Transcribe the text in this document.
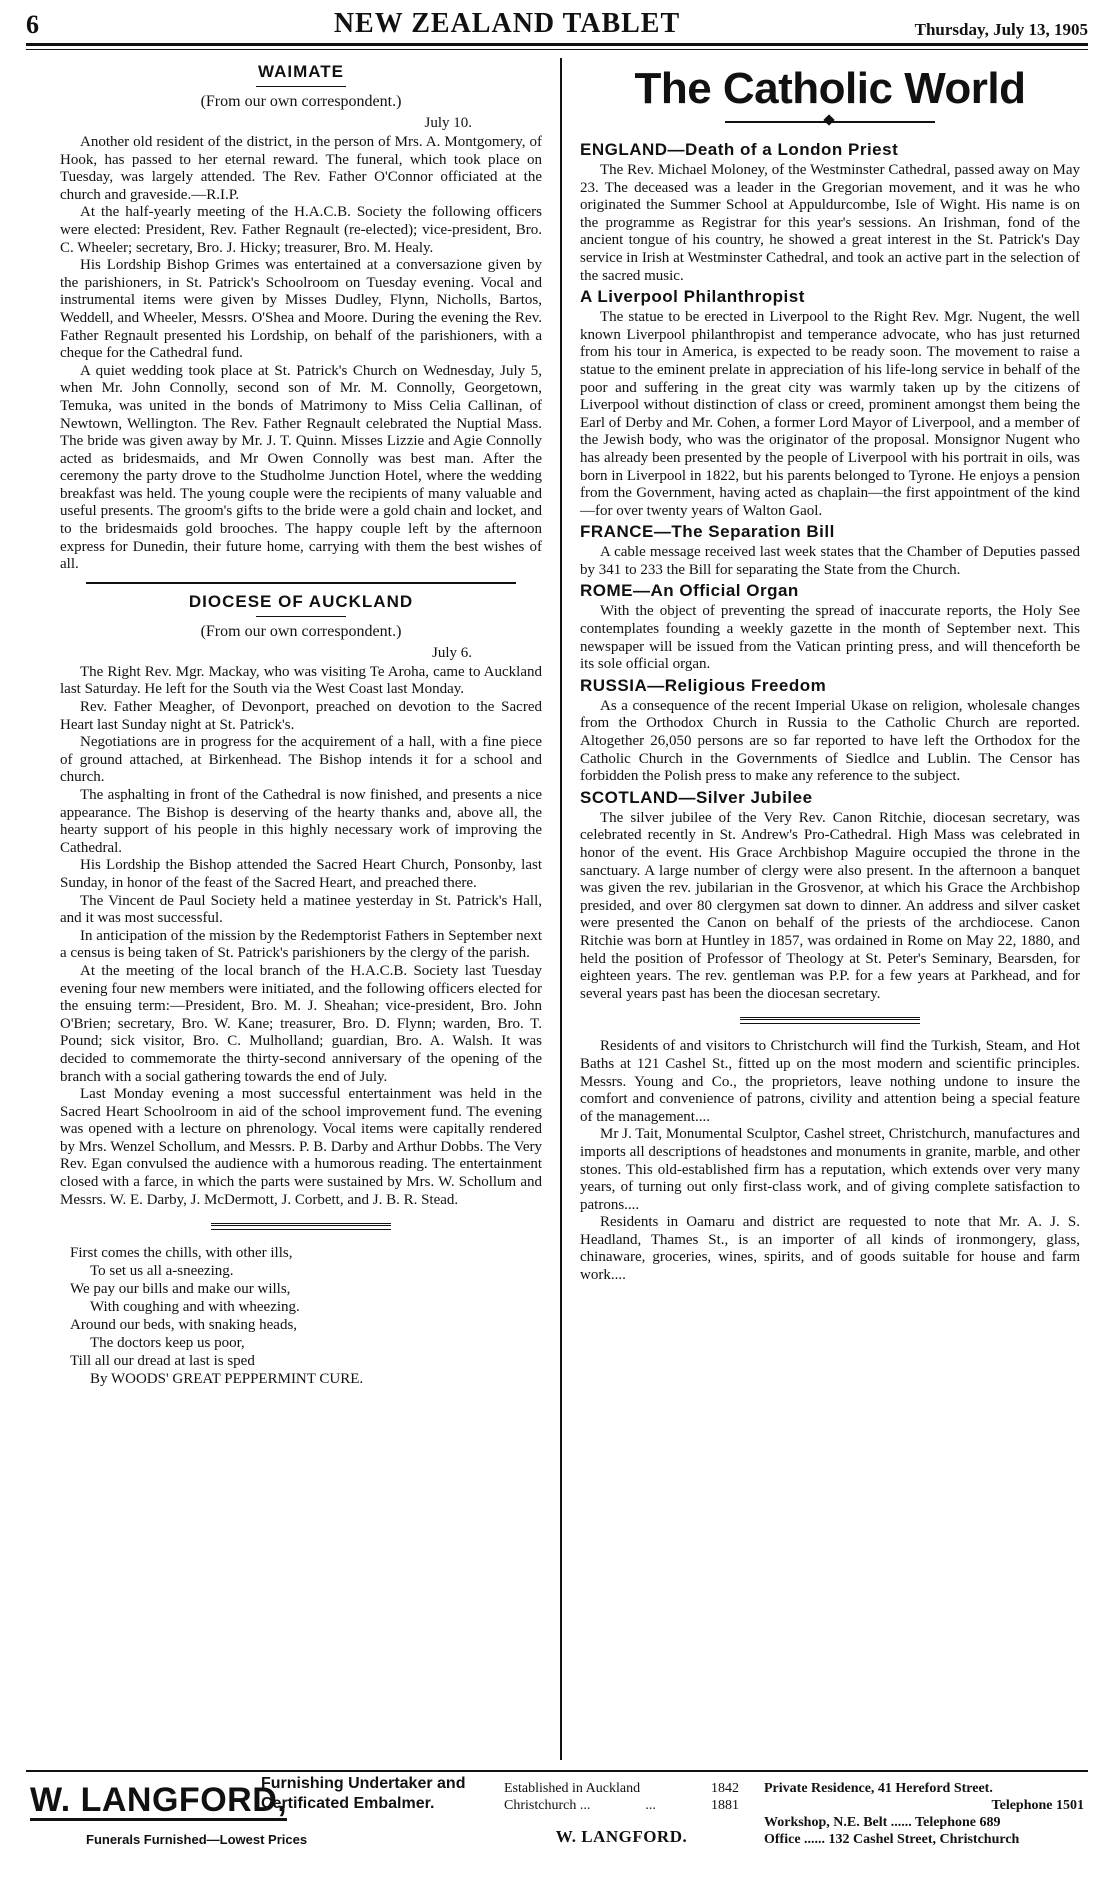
6	NEW ZEALAND TABLET	Thursday, July 13, 1905
WAIMATE
(From our own correspondent.)
July 10.

Another old resident of the district, in the person of Mrs. A. Montgomery, of Hook, has passed to her eternal reward. The funeral, which took place on Tuesday, was largely attended. The Rev. Father O'Connor officiated at the church and graveside.—R.I.P.

At the half-yearly meeting of the H.A.C.B. Society the following officers were elected: President, Rev. Father Regnault (re-elected); vice-president, Bro. C. Wheeler; secretary, Bro. J. Hicky; treasurer, Bro. M. Healy.

His Lordship Bishop Grimes was entertained at a conversazione given by the parishioners, in St. Patrick's Schoolroom on Tuesday evening. Vocal and instrumental items were given by Misses Dudley, Flynn, Nicholls, Bartos, Weddell, and Wheeler, Messrs. O'Shea and Moore. During the evening the Rev. Father Regnault presented his Lordship, on behalf of the parishioners, with a cheque for the Cathedral fund.

A quiet wedding took place at St. Patrick's Church on Wednesday, July 5, when Mr. John Connolly, second son of Mr. M. Connolly, Georgetown, Temuka, was united in the bonds of Matrimony to Miss Celia Callinan, of Newtown, Wellington. The Rev. Father Regnault celebrated the Nuptial Mass. The bride was given away by Mr. J. T. Quinn. Misses Lizzie and Agie Connolly acted as bridesmaids, and Mr Owen Connolly was best man. After the ceremony the party drove to the Studholme Junction Hotel, where the wedding breakfast was held. The young couple were the recipients of many valuable and useful presents. The groom's gifts to the bride were a gold chain and locket, and to the bridesmaids gold brooches. The happy couple left by the afternoon express for Dunedin, their future home, carrying with them the best wishes of all.

DIOCESE OF AUCKLAND
(From our own correspondent.)
July 6.

The Right Rev. Mgr. Mackay, who was visiting Te Aroha, came to Auckland last Saturday. He left for the South via the West Coast last Monday.

Rev. Father Meagher, of Devonport, preached on devotion to the Sacred Heart last Sunday night at St. Patrick's.

Negotiations are in progress for the acquirement of a hall, with a fine piece of ground attached, at Birkenhead. The Bishop intends it for a school and church.

The asphalting in front of the Cathedral is now finished, and presents a nice appearance. The Bishop is deserving of the hearty thanks and, above all, the hearty support of his people in this highly necessary work of improving the Cathedral.

His Lordship the Bishop attended the Sacred Heart Church, Ponsonby, last Sunday, in honor of the feast of the Sacred Heart, and preached there.

The Vincent de Paul Society held a matinee yesterday in St. Patrick's Hall, and it was most successful.

In anticipation of the mission by the Redemptorist Fathers in September next a census is being taken of St. Patrick's parishioners by the clergy of the parish.

At the meeting of the local branch of the H.A.C.B. Society last Tuesday evening four new members were initiated, and the following officers elected for the ensuing term:—President, Bro. M. J. Sheahan; vice-president, Bro. John O'Brien; secretary, Bro. W. Kane; treasurer, Bro. D. Flynn; warden, Bro. T. Pound; sick visitor, Bro. C. Mulholland; guardian, Bro. A. Walsh. It was decided to commemorate the thirty-second anniversary of the opening of the branch with a social gathering towards the end of July.

Last Monday evening a most successful entertainment was held in the Sacred Heart Schoolroom in aid of the school improvement fund. The evening was opened with a lecture on phrenology. Vocal items were capitally rendered by Mrs. Wenzel Schollum, and Messrs. P. B. Darby and Arthur Dobbs. The Very Rev. Egan convulsed the audience with a humorous reading. The entertainment closed with a farce, in which the parts were sustained by Mrs. W. Schollum and Messrs. W. E. Darby, J. McDermott, J. Corbett, and J. B. R. Stead.

First comes the chills, with other ills,
To set us all a-sneezing.
We pay our bills and make our wills,
With coughing and with wheezing.
Around our beds, with snaking heads,
The doctors keep us poor,
Till all our dread at last is sped
By WOODS' GREAT PEPPERMINT CURE.
The Catholic World
ENGLAND—Death of a London Priest

The Rev. Michael Moloney, of the Westminster Cathedral, passed away on May 23. The deceased was a leader in the Gregorian movement, and it was he who originated the Summer School at Appuldurcombe, Isle of Wight. His name is on the programme as Registrar for this year's sessions. An Irishman, fond of the ancient tongue of his country, he showed a great interest in the St. Patrick's Day service in Irish at Westminster Cathedral, and took an active part in the selection of the sacred music.

A Liverpool Philanthropist

The statue to be erected in Liverpool to the Right Rev. Mgr. Nugent, the well known Liverpool philanthropist and temperance advocate, who has just returned from his tour in America, is expected to be ready soon. The movement to raise a statue to the eminent prelate in appreciation of his life-long service in behalf of the poor and suffering in the great city was warmly taken up by the citizens of Liverpool without distinction of class or creed, prominent amongst them being the Earl of Derby and Mr. Cohen, a former Lord Mayor of Liverpool, and a member of the Jewish body, who was the originator of the proposal. Monsignor Nugent who has already been presented by the people of Liverpool with his portrait in oils, was born in Liverpool in 1822, but his parents belonged to Tyrone. He enjoys a pension from the Government, having acted as chaplain—the first appointment of the kind—for over twenty years of Walton Gaol.

FRANCE—The Separation Bill

A cable message received last week states that the Chamber of Deputies passed by 341 to 233 the Bill for separating the State from the Church.

ROME—An Official Organ

With the object of preventing the spread of inaccurate reports, the Holy See contemplates founding a weekly gazette in the month of September next. This newspaper will be issued from the Vatican printing press, and will thenceforth be its sole official organ.

RUSSIA—Religious Freedom

As a consequence of the recent Imperial Ukase on religion, wholesale changes from the Orthodox Church in Russia to the Catholic Church are reported. Altogether 26,050 persons are so far reported to have left the Orthodox for the Catholic Church in the Governments of Siedlce and Lublin. The Censor has forbidden the Polish press to make any reference to the subject.

SCOTLAND—Silver Jubilee

The silver jubilee of the Very Rev. Canon Ritchie, diocesan secretary, was celebrated recently in St. Andrew's Pro-Cathedral. High Mass was celebrated in honor of the event. His Grace Archbishop Maguire occupied the throne in the sanctuary. A large number of clergy were also present. In the afternoon a banquet was given the rev. jubilarian in the Grosvenor, at which his Grace the Archbishop presided, and over 80 clergymen sat down to dinner. An address and silver casket were presented the Canon on behalf of the priests of the archdiocese. Canon Ritchie was born at Huntley in 1857, was ordained in Rome on May 22, 1880, and held the position of Professor of Theology at St. Peter's Seminary, Bearsden, for eighteen years. The rev. gentleman was P.P. for a few years at Parkhead, and for several years past has been the diocesan secretary.

Residents of and visitors to Christchurch will find the Turkish, Steam, and Hot Baths at 121 Cashel St., fitted up on the most modern and scientific principles. Messrs. Young and Co., the proprietors, leave nothing undone to insure the comfort and convenience of patrons, civility and attention being a special feature of the management....

Mr J. Tait, Monumental Sculptor, Cashel street, Christchurch, manufactures and imports all descriptions of headstones and monuments in granite, marble, and other stones. This old-established firm has a reputation, which extends over very many years, of turning out only first-class work, and of giving complete satisfaction to patrons....

Residents in Oamaru and district are requested to note that Mr. A. J. S. Headland, Thames St., is an importer of all kinds of ironmongery, glass, chinaware, groceries, wines, spirits, and of goods suitable for house and farm work....

W. LANGFORD,
Furnishing Undertaker and
Certificated Embalmer.
Funerals Furnished—Lowest Prices
Established in Auckland	1842
Christchurch ...	...	1881
W. LANGFORD.
Private Residence, 41 Hereford Street.
Telephone 1501
Workshop, N.E. Belt ...... Telephone 689
Office ...... 132 Cashel Street, Christchurch
